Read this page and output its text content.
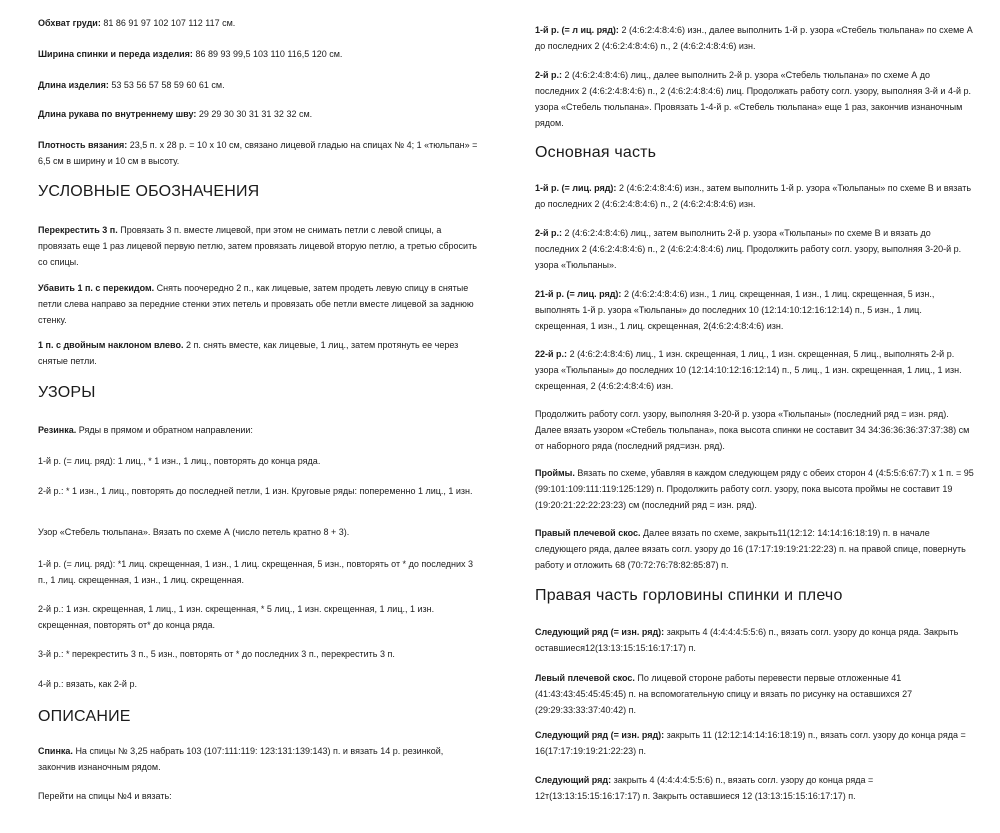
Обхват груди: 81 86 91 97 102 107 112 117 см.

Ширина спинки и переда изделия: 86 89 93 99,5 103 110 116,5 120 см.

Длина изделия: 53 53 56 57 58 59 60 61 см.

Длина рукава по внутреннему шву: 29 29 30 30 31 31 32 32 см.

Плотность вязания: 23,5 п. х 28 р. = 10 х 10 см, связано лицевой гладью на спицах № 4; 1 «тюльпан» = 6,5 см в ширину и 10 см в высоту.

УСЛОВНЫЕ ОБОЗНАЧЕНИЯ

Перекрестить 3 п. Провязать 3 п. вместе лицевой, при этом не снимать петли с левой спицы, а провязать еще 1 раз лицевой первую петлю, затем провязать лицевой вторую петлю, а третью сбросить со спицы.

Убавить 1 п. с перекидом. Снять поочередно 2 п., как лицевые, затем продеть левую спицу в снятые петли слева направо за передние стенки этих петель и провязать обе петли вместе лицевой за заднюю стенку.

1 п. с двойным наклоном влево. 2 п. снять вместе, как лицевые, 1 лиц., затем протянуть ее через снятые петли.

УЗОРЫ

Резинка. Ряды в прямом и обратном направлении:

1-й р. (= лиц. ряд): 1 лиц., * 1 изн., 1 лиц., повторять до конца ряда.

2-й р.: * 1 изн., 1 лиц., повторять до последней петли, 1 изн. Круговые ряды: попеременно 1 лиц., 1 изн.

Узор «Стебель тюльпана». Вязать по схеме А (число петель кратно 8 + 3).

1-й р. (= лиц. ряд): *1 лиц. скрещенная, 1 изн., 1 лиц. скрещенная, 5 изн., повторять от * до последних 3 п., 1 лиц. скрещенная, 1 изн., 1 лиц. скрещенная.

2-й р.: 1 изн. скрещенная, 1 лиц., 1 изн. скрещенная, * 5 лиц., 1 изн. скрещенная, 1 лиц., 1 изн. скрещенная, повторять от* до конца ряда.

3-й р.: * перекрестить 3 п., 5 изн., повторять от * до последних 3 п., перекрестить 3 п.

4-й р.: вязать, как 2-й р.

ОПИСАНИЕ

Спинка. На спицы № 3,25 набрать 103 (107:111:119: 123:131:139:143) п. и вязать 14 р. резинкой, закончив изнаночным рядом.

Перейти на спицы №4 и вязать:

1-й р. (= л иц. ряд): 2 (4:6:2:4:8:4:6) изн., далее выполнить 1-й р. узора «Стебель тюльпана» по схеме А до последних 2 (4:6:2:4:8:4:6) п., 2 (4:6:2:4:8:4:6) изн.

2-й р.: 2 (4:6:2:4:8:4:6) лиц., далее выполнить 2-й р. узора «Стебель тюльпана» по схеме А до последних 2 (4:6:2:4:8:4:6) п., 2 (4:6:2:4:8:4:6) лиц. Продолжать работу согл. узору, выполняя 3-й и 4-й р. узора «Стебель тюльпана». Провязать 1-4-й р. «Стебель тюльпана» еще 1 раз, закончив изнаночным рядом.

Основная часть

1-й р. (= лиц. ряд): 2 (4:6:2:4:8:4:6) изн., затем выполнить 1-й р. узора «Тюльпаны» по схеме В и вязать до последних 2 (4:6:2:4:8:4:6) п., 2 (4:6:2:4:8:4:6) изн.

2-й р.: 2 (4:6:2:4:8:4:6) лиц., затем выполнить 2-й р. узора «Тюльпаны» по схеме В и вязать до последних 2 (4:6:2:4:8:4:6) п., 2 (4:6:2:4:8:4:6) лиц. Продолжить работу согл. узору, выполняя 3-20-й р. узора «Тюльпаны».

21-й р. (= лиц. ряд): 2 (4:6:2:4:8:4:6) изн., 1 лиц. скрещенная, 1 изн., 1 лиц. скрещенная, 5 изн., выполнять 1-й р. узора «Тюльпаны» до последних 10 (12:14:10:12:16:12:14) п., 5 изн., 1 лиц. скрещенная, 1 изн., 1 лиц. скрещенная, 2(4:6:2:4:8:4:6) изн.

22-й р.: 2 (4:6:2:4:8:4:6) лиц., 1 изн. скрещенная, 1 лиц., 1 изн. скрещенная, 5 лиц., выполнять 2-й р. узора «Тюльпаны» до последних 10 (12:14:10:12:16:12:14) п., 5 лиц., 1 изн. скрещенная, 1 лиц., 1 изн. скрещенная, 2 (4:6:2:4:8:4:6) изн.

Продолжить работу согл. узору, выполняя 3-20-й р. узора «Тюльпаны» (последний ряд = изн. ряд). Далее вязать узором «Стебель тюльпана», пока высота спинки не составит 34 34:36:36:36:37:37:38) см от наборного ряда (последний ряд=изн. ряд).

Проймы. Вязать по схеме, убавляя в каждом следующем ряду с обеих сторон 4 (4:5:5:6:67:7) х 1 п. = 95 (99:101:109:111:119:125:129) п. Продолжить работу согл. узору, пока высота проймы не составит 19 (19:20:21:22:22:23:23) см (последний ряд = изн. ряд).

Правый плечевой скос. Далее вязать по схеме, закрыть11(12:12: 14:14:16:18:19) п. в начале следующего ряда, далее вязать согл. узору до 16 (17:17:19:19:21:22:23) п. на правой спице, повернуть работу и отложить 68 (70:72:76:78:82:85:87) п.

Правая часть горловины спинки и плечо

Следующий ряд (= изн. ряд): закрыть 4 (4:4:4:4:5:5:6) п., вязать согл. узору до конца ряда. Закрыть оставшиеся12(13:13:15:15:16:17:17) п.

Левый плечевой скос. По лицевой стороне работы перевести первые отложенные 41 (41:43:43:45:45:45:45) п. на вспомогательную спицу и вязать по рисунку на оставшихся 27 (29:29:33:33:37:40:42) п.

Следующий ряд (= изн. ряд): закрыть 11 (12:12:14:14:16:18:19) п., вязать согл. узору до конца ряда = 16(17:17:19:19:21:22:23) п.

Следующий ряд: закрыть 4 (4:4:4:4:5:5:6) п., вязать согл. узору до конца ряда = 12т(13:13:15:15:16:17:17) п. Закрыть оставшиеся 12 (13:13:15:15:16:17:17) п.
